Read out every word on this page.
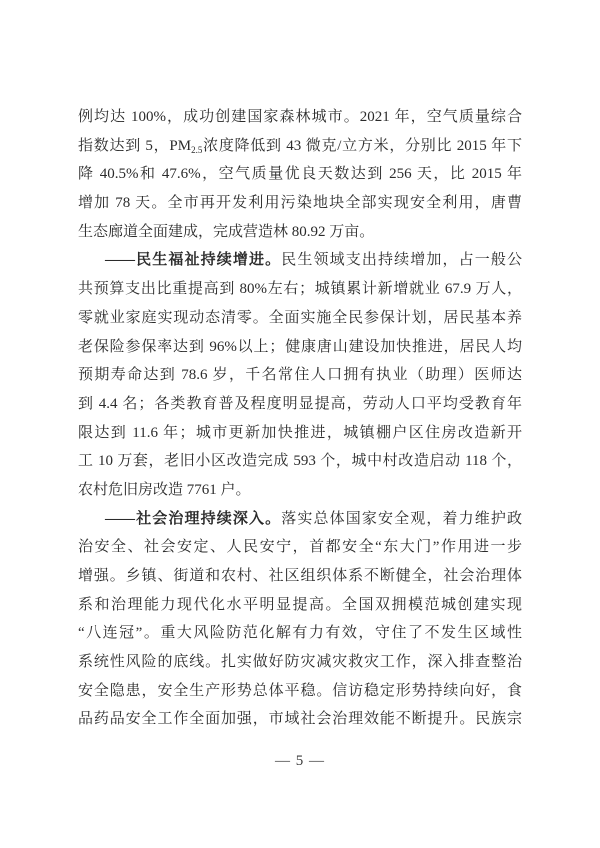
例均达 100%，成功创建国家森林城市。2021 年，空气质量综合
指数达到 5，$PM_{2.5}$浓度降低到 43 微克/立方米，分别比 2015 年下
降 40.5%和 47.6%，空气质量优良天数达到 256 天，比 2015 年
增加 78 天。全市再开发利用污染地块全部实现安全利用，唐曹
生态廊道全面建成，完成营造林 80.92 万亩。
——民生福祉持续增进。民生领域支出持续增加，占一般公
共预算支出比重提高到 80%左右；城镇累计新增就业 67.9 万人，
零就业家庭实现动态清零。全面实施全民参保计划，居民基本养
老保险参保率达到 96%以上；健康唐山建设加快推进，居民人均
预期寿命达到 78.6 岁，千名常住人口拥有执业（助理）医师达
到 4.4 名；各类教育普及程度明显提高，劳动人口平均受教育年
限达到 11.6 年；城市更新加快推进，城镇棚户区住房改造新开
工 10 万套，老旧小区改造完成 593 个，城中村改造启动 118 个，
农村危旧房改造 7761 户。
——社会治理持续深入。落实总体国家安全观，着力维护政
治安全、社会安定、人民安宁，首都安全“东大门”作用进一步
增强。乡镇、街道和农村、社区组织体系不断健全，社会治理体
系和治理能力现代化水平明显提高。全国双拥模范城创建实现
“八连冠”。重大风险防范化解有力有效，守住了不发生区域性
系统性风险的底线。扎实做好防灾减灾救灾工作，深入排查整治
安全隐患，安全生产形势总体平稳。信访稳定形势持续向好，食
品药品安全工作全面加强，市域社会治理效能不断提升。民族宗
— 5 —
